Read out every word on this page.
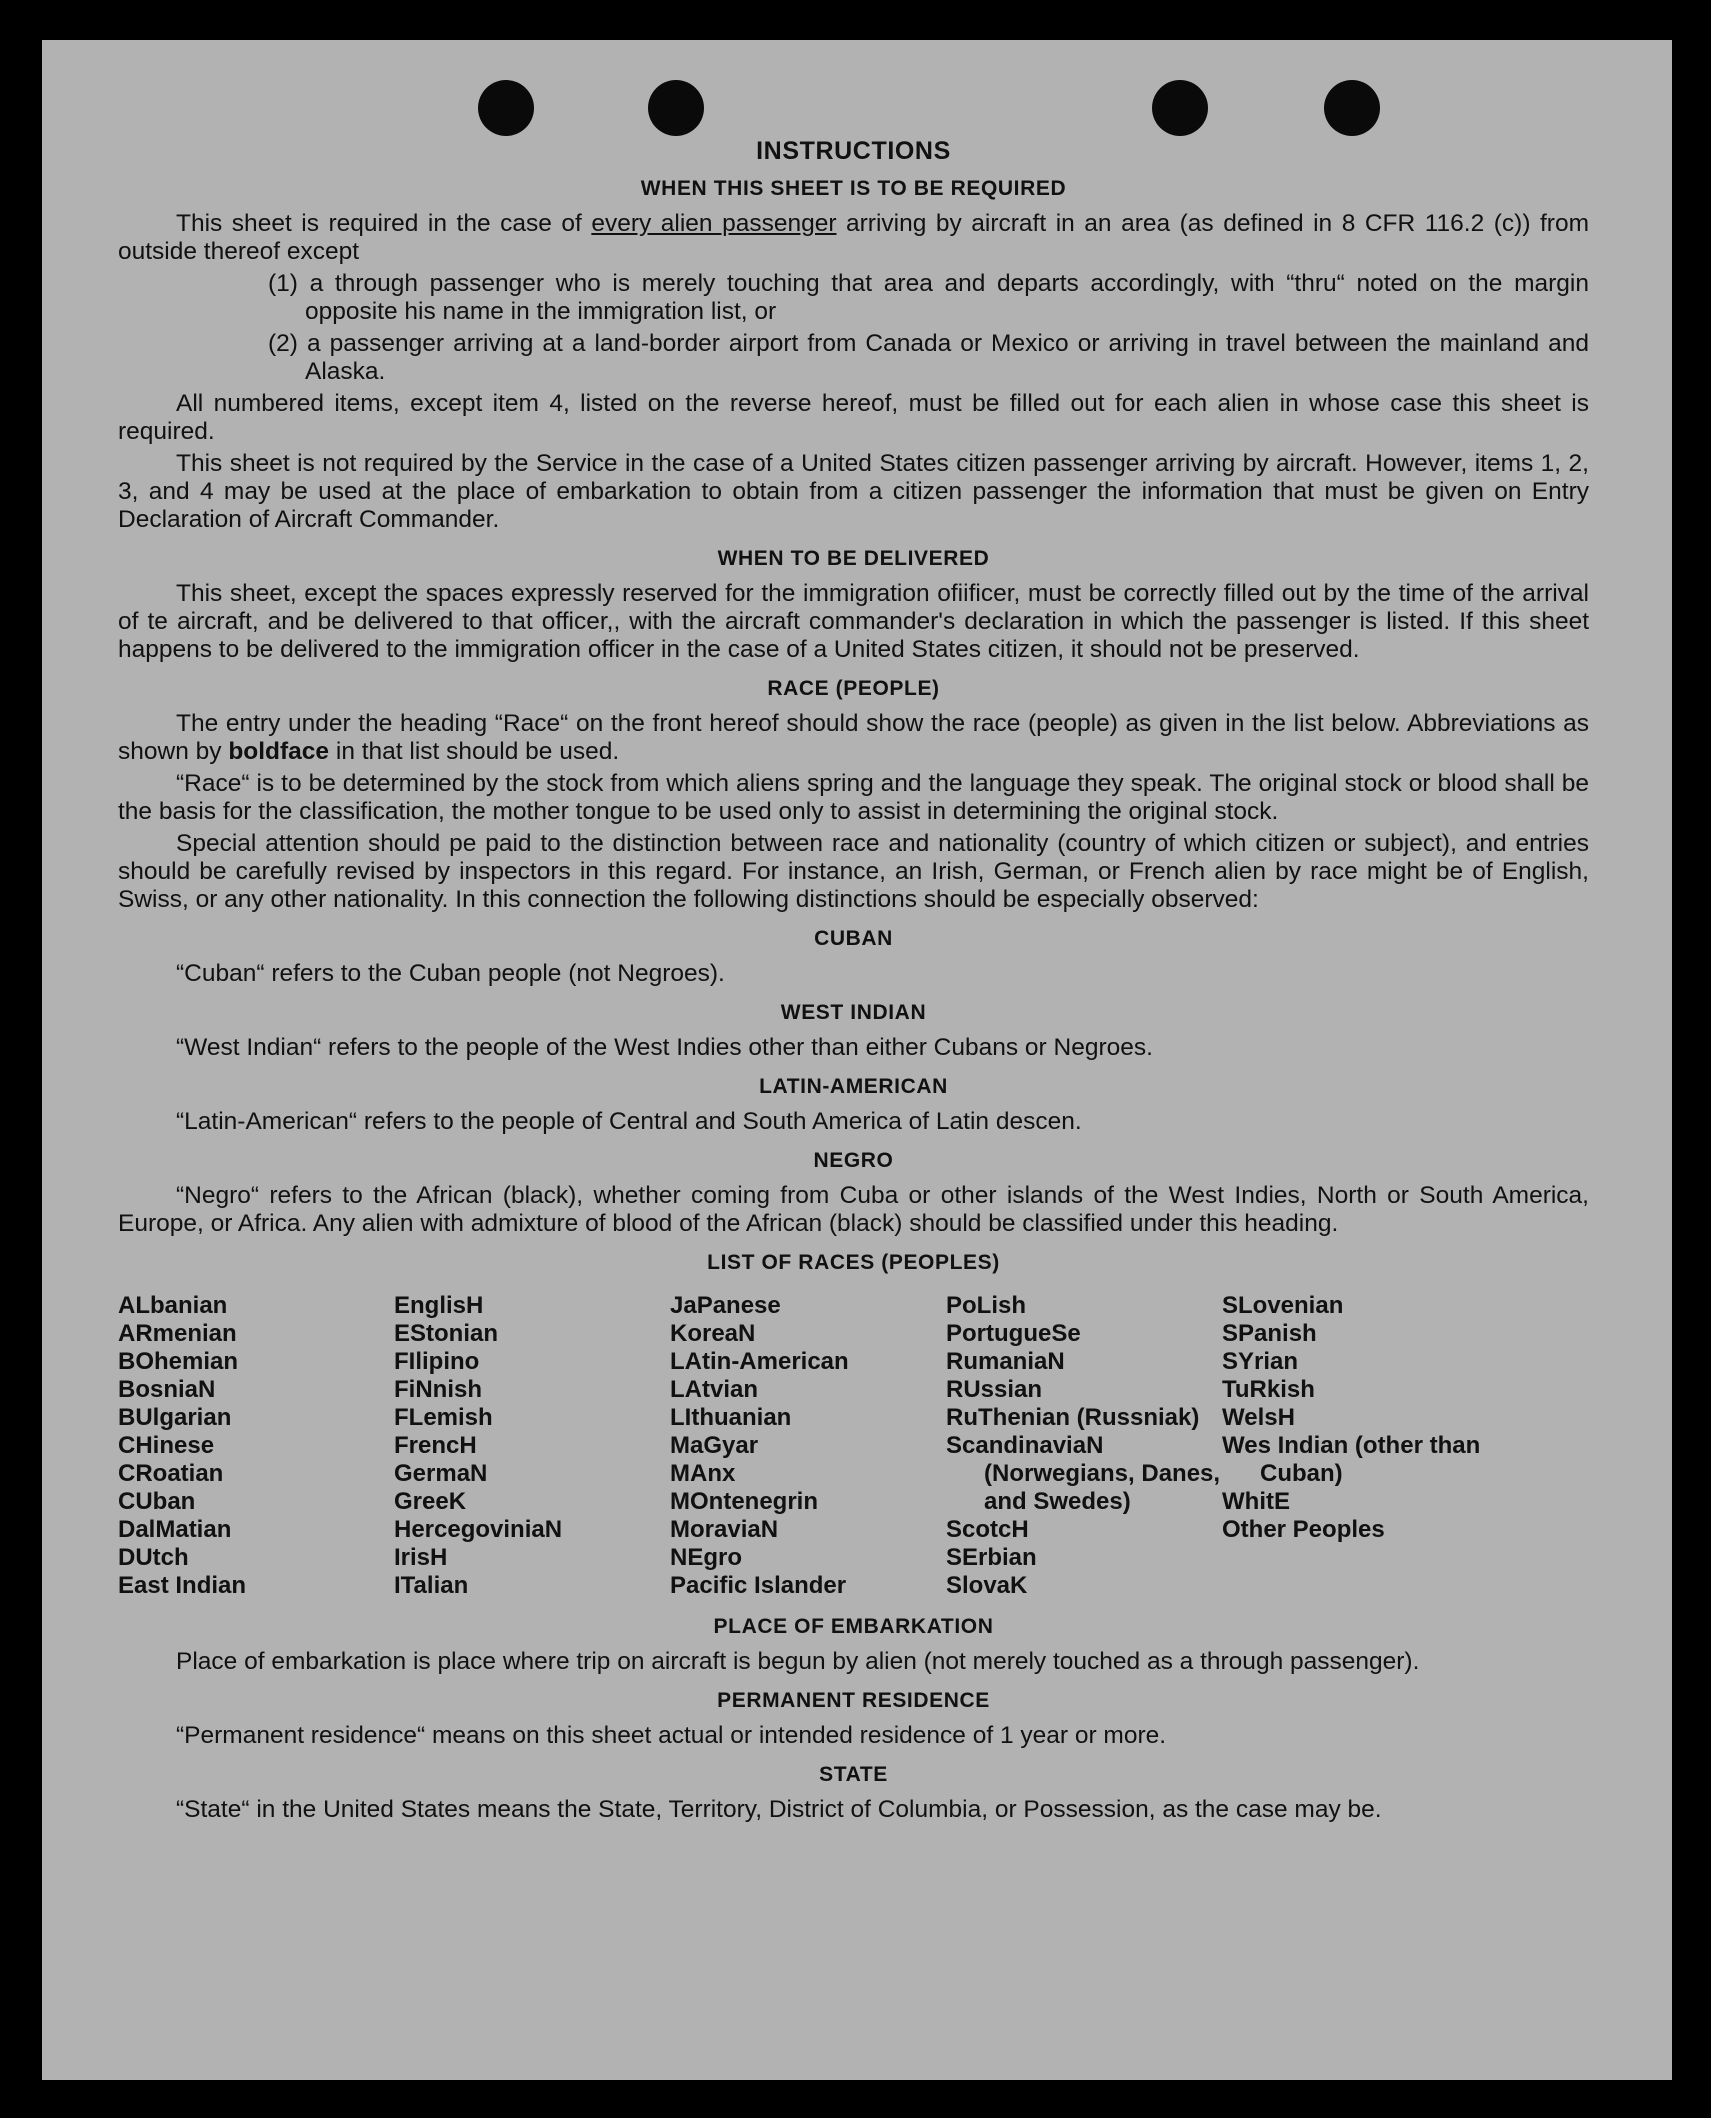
INSTRUCTIONS
WHEN THIS SHEET IS TO BE REQUIRED

This sheet is required in the case of every alien passenger arriving by aircraft in an area (as defined in 8 CFR 116.2 (c)) from outside thereof except

(1) a through passenger who is merely touching that area and departs accordingly, with “thru“ noted on the margin opposite his name in the immigration list, or
(2) a passenger arriving at a land-border airport from Canada or Mexico or arriving in travel between the mainland and Alaska.

All numbered items, except item 4, listed on the reverse hereof, must be filled out for each alien in whose case this sheet is required.

This sheet is not required by the Service in the case of a United States citizen passenger arriving by aircraft. However, items 1, 2, 3, and 4 may be used at the place of embarkation to obtain from a citizen passenger the information that must be given on Entry Declaration of Aircraft Commander.

WHEN TO BE DELIVERED

This sheet, except the spaces expressly reserved for the immigration ofiificer, must be correctly filled out by the time of the arrival of te aircraft, and be delivered to that officer,, with the aircraft commander's declaration in which the passenger is listed. If this sheet happens to be delivered to the immigration officer in the case of a United States citizen, it should not be preserved.

RACE (PEOPLE)

The entry under the heading “Race“ on the front hereof should show the race (people) as given in the list below. Abbreviations as shown by boldface in that list should be used.

“Race“ is to be determined by the stock from which aliens spring and the language they speak. The original stock or blood shall be the basis for the classification, the mother tongue to be used only to assist in determining the original stock.

Special attention should pe paid to the distinction between race and nationality (country of which citizen or subject), and entries should be carefully revised by inspectors in this regard. For instance, an Irish, German, or French alien by race might be of English, Swiss, or any other nationality. In this connection the following distinctions should be especially observed:

CUBAN

“Cuban“ refers to the Cuban people (not Negroes).

WEST INDIAN

“West Indian“ refers to the people of the West Indies other than either Cubans or Negroes.

LATIN-AMERICAN

“Latin-American“ refers to the people of Central and South America of Latin descen.

NEGRO

“Negro“ refers to the African (black), whether coming from Cuba or other islands of the West Indies, North or South America, Europe, or Africa. Any alien with admixture of blood of the African (black) should be classified under this heading.

LIST OF RACES (PEOPLES)
ALbanian
ARmenian
BOhemian
BosniaN
BUlgarian
CHinese
CRoatian
CUban
DalMatian
DUtch
East Indian
EnglisH
EStonian
FIlipino
FiNnish
FLemish
FrencH
GermaN
GreeK
HercegoviniaN
IrisH
ITalian
JaPanese
KoreaN
LAtin-American
LAtvian
LIthuanian
MaGyar
MAnx
MOntenegrin
MoraviaN
NEgro
Pacific Islander
PoLish
PortugueSe
RumaniaN
RUssian
RuThenian (Russniak)
ScandinaviaN (Norwegians, Danes, and Swedes)
ScotcH
SErbian
SlovaK
SLovenian
SPanish
SYrian
TuRkish
WelsH
Wes Indian (other than Cuban)
WhitE
Other Peoples
PLACE OF EMBARKATION

Place of embarkation is place where trip on aircraft is begun by alien (not merely touched as a through passenger).

PERMANENT RESIDENCE

“Permanent residence“ means on this sheet actual or intended residence of 1 year or more.

STATE

“State“ in the United States means the State, Territory, District of Columbia, or Possession, as the case may be.
